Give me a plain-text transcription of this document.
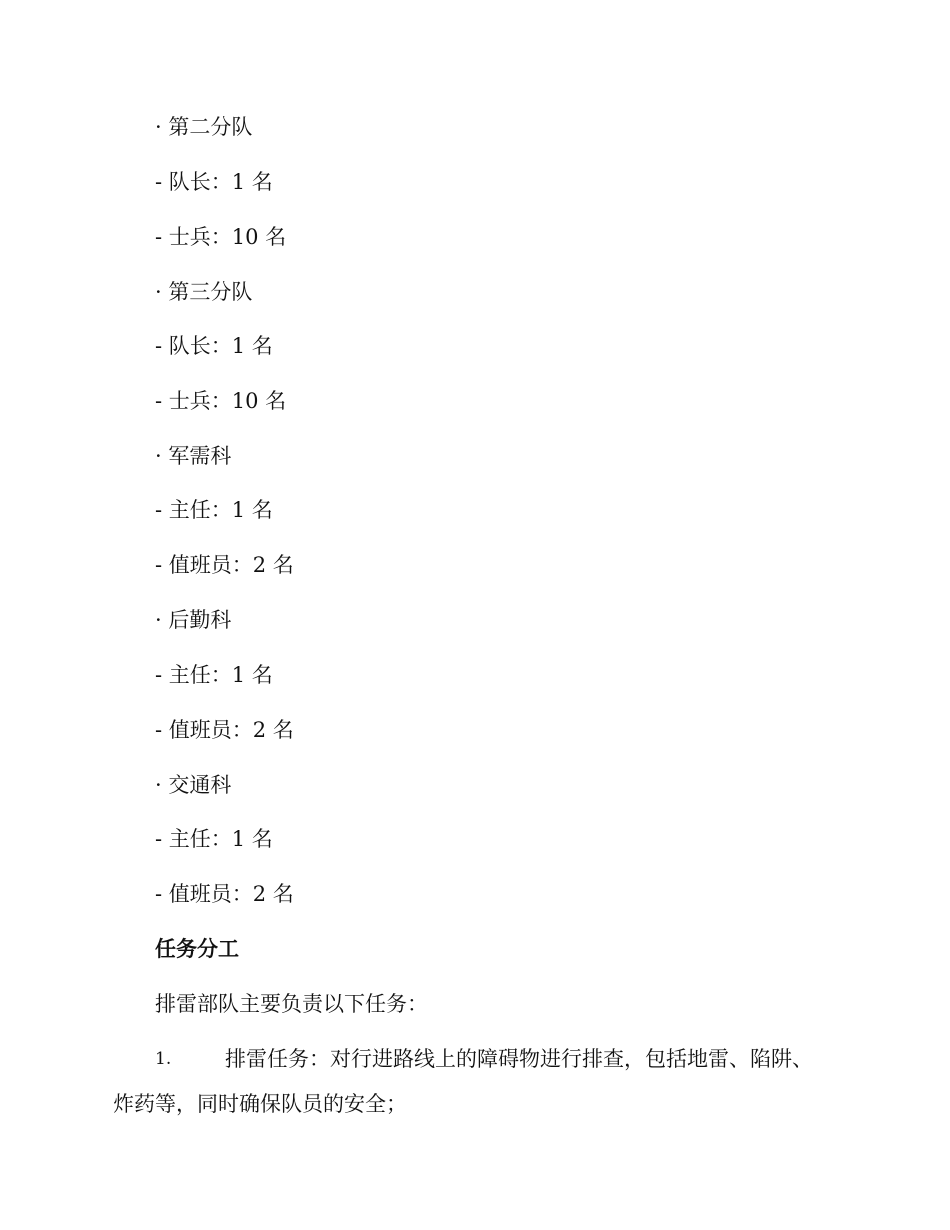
· 第二分队
- 队长：1 名
- 士兵：10 名
· 第三分队
- 队长：1 名
- 士兵：10 名
· 军需科
- 主任：1 名
- 值班员：2 名
· 后勤科
- 主任：1 名
- 值班员：2 名
· 交通科
- 主任：1 名
- 值班员：2 名
任务分工
排雷部队主要负责以下任务：
1.	排雷任务：对行进路线上的障碍物进行排查，包括地雷、陷阱、
炸药等，同时确保队员的安全；
